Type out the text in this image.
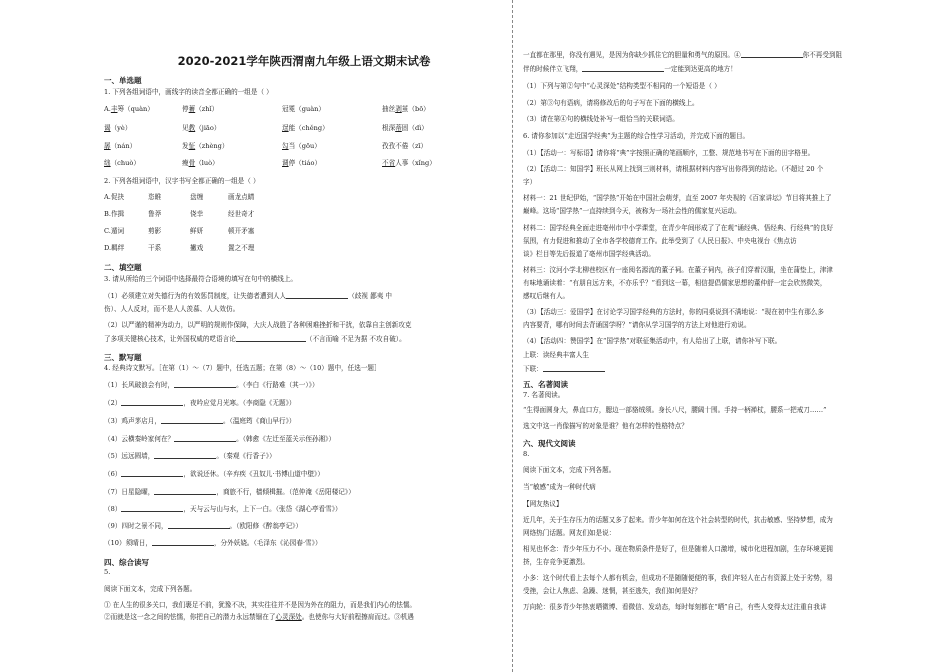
2020-2021学年陕西渭南九年级上语文期末试卷
一、单选题
1. 下列各组词语中，画线字的读音全都正确的一组是（ ）
A.丰筹（quàn）	停蓄（zhǐ）	冠冕（guàn）	抽丝剥茧（bō）
谒（yè）	见教（jiāo）	逞能（chěng）	根深蒂固（dì）
孱（nán）	发怔（zhèng）	勾当（gōu）	孜孜不倦（zī）
绌（chuò）	瘦骨（luò）	调停（tiáo）	不省人事（xǐng）
2. 下列各组词语中，汉字书写全都正确的一组是（ ）
A.促抉	恣睢	盘缠	画龙点睛
B.作揖	鲁莽	侥幸	经世奇才
C.遁词	剪影	鲜妍	顿开矛塞
D.羁绊	干系	撇戏	置之不理
二、填空题
3. 请从所给的三个词语中选择最符合语境的填写在句中的横线上。
（1）必须建立对失德行为的有效惩罚制度，让失德者遭到人人	（歧视 鄙夷 中
伤）、人人反对，而不是人人羡慕、人人效仿。
（2）以严谨的精神为动力，以严明的规则作保障，大庆人战胜了各种困难挫折和干扰，依靠自主创新攻克
了多项关键核心技术，让外国权威的呓语言论	（不言而喻 不足为据 不攻自破）。
三、默写题
4. 经典诗文默写。［在第（1）～（7）题中，任选五题；在第（8）～（10）题中，任选一题］
（1）长风破浪会有时，	。（李白《行路难（其一）》）
（2）	，夜吟应觉月光寒。（李商隐《无题》）
（3）鸡声茅店月，	。（温庭筠《商山早行》）
（4）云横秦岭家何在？	。（韩愈《左迁至蓝关示侄孙湘》）
（5）远远圆墙，	。（秦观《行香子》）
（6）	，欲说还休。（辛弃疾《丑奴儿·书博山道中壁》）
（7）日星隐曜，	，商旅不行，樯倾楫摧。（范仲淹《岳阳楼记》）
（8）	，天与云与山与水，上下一白。（张岱《湖心亭看雪》）
（9）四时之景不同，	。（欧阳修《醉翁亭记》）
（10）须晴日，	，分外妖娆。（毛泽东《沁园春·雪》）
四、综合读写
5.
阅读下面文本，完成下列各题。
① 在人生的很多关口，我们裹足不前，犹豫不决，其实往往并不是因为外在的阻力，而是我们内心的怯懦。
②而就是这一念之间的怯懦，你把自己的潜力永远禁锢在了心灵深处。也使你与大好前程擦肩而过。③机遇
一直都在那里，你没有遇见，是因为你缺少抓住它的胆量和勇气的原因。④	你不再受到阻
伴的时候伴立飞翔，	一定能到达更高的地方！
（1）下列与第②句中“心灵深处”结构类型不相同的一个短语是（ ）
（2）第③句有语病，请将修改后的句子写在下面的横线上。
（3）请在第④句的横线处补写一组恰当的关联词语。
6. 请你参加以“走近国学经典”为主题的综合性学习活动，并完成下面的题目。
（1）【活动一：写标语】请你将“典”字按照正确的笔画顺序，工整、规范地书写在下面的田字格里。
（2）【活动二：知国学】班长从网上找到三则材料，请根据材料内容写出你得到的结论。（不超过 20 个
字）
材料一：21 世纪伊始，“国学热”开始在中国社会萌芽，直至 2007 年央视的《百家讲坛》节目将其推上了
巅峰。这场“国学热”一直持续到今天，被称为一场社会性的儒家复兴运动。
材料二：国学经典全面走进亳州市中小学课堂，在青少年间形成了了在观“诵经典、悟经典、行经典”的良好
氛围，有力促进和推动了全市各学校德育工作。此举受到了《人民日报》、中央电视台《焦点访
谈》栏目等先后报道了亳州市国学经典活动。
材料三：汶河小学北柳巷校区有一座阅名源流的董子祠。在董子祠内，孩子们穿着汉服，坐在蒲垫上，津津
有味地诵读着：“有朋自远方来，不亦乐乎？”看到这一幕，相信提倡儒家思想的董仲舒一定会欣然微笑，
感叹后继有人。
（3）【活动三：爱国学】在讨论学习国学经典的方法时，你的同桌说到不满地说：“现在初中生有那么多
内容要背，哪有时间去背诵国学呀？”请你从学习国学的方法上对他进行劝说。
（4）【活动四：赞国学】在“国学热”对联征集活动中，有人给出了上联，请你补写下联。
上联：读经典丰富人生
下联：
五、名著阅读
7. 名著阅读。
“生得面圆身大，鼻直口方，腮边一部貉绒须。身长八尺，腰阔十围。手持一柄禅杖，腰系一把戒刀……”
选文中这一肖像描写的对象是谁？他有怎样的性格特点？
六、现代文阅读
8.
阅读下面文本，完成下列各题。
当“敏感”成为一种时代病
【网友热议】
近几年，关于生存压力的话题又多了起来。青少年如何在这个社会转型的时代，抗击敏感、坚持梦想，成为
网络热门话题。网友们如是说：
相见也怀念：青少年压力不小。现在物质条件是好了，但是随着人口激增，城市化进程加剧，生存环境更拥
挤，生存竞争更激烈。
小多：这个时代看上去每个人都有机会，但成功不是随随便便的事，我们年轻人在占有资源上处于劣势，易
受挫，会让人焦虑、急躁、迷惘，甚至逃失，我们如何是好？
万向轮：很多青少年热衷晒微博、看微信、发动态，每时每刻都在“晒”自己，有些人变得太过注重自我讲
